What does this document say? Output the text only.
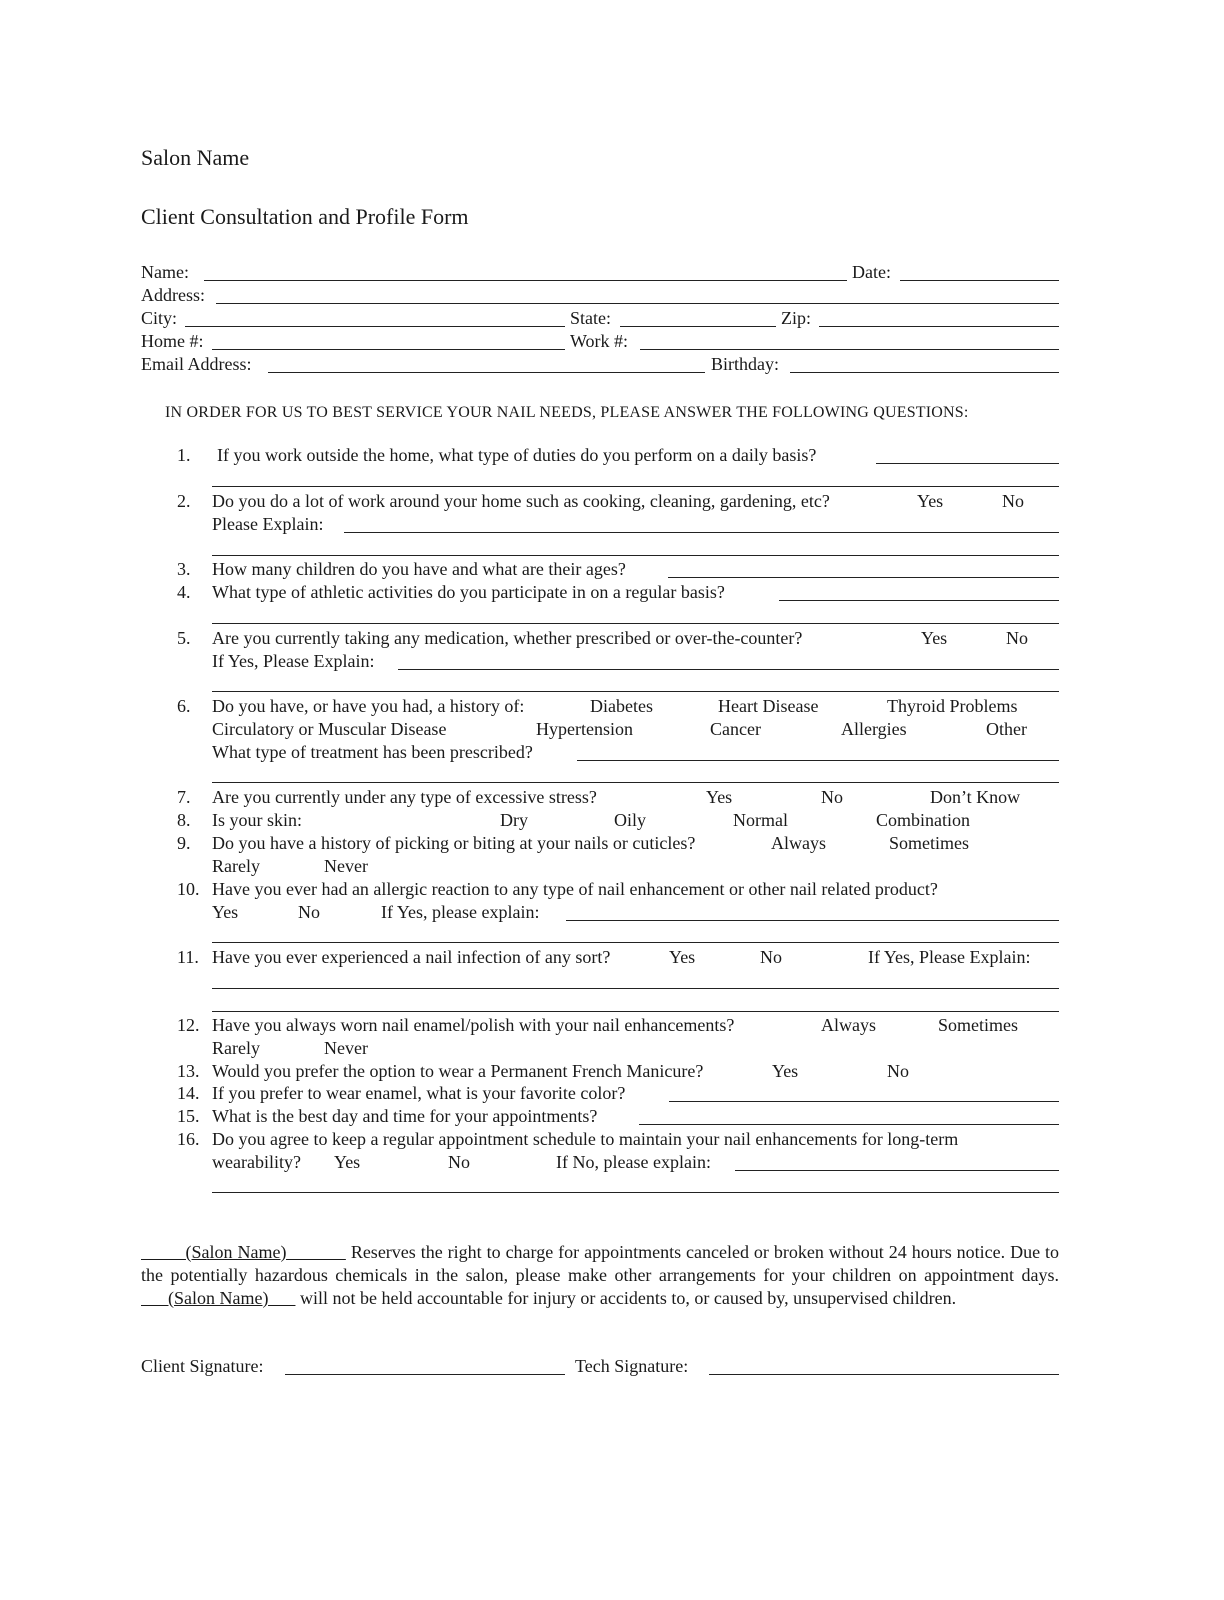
Salon Name
Client Consultation and Profile Form
Name:	Date:
Address:
City:	State:	Zip:
Home #:	Work #:
Email Address:	Birthday:
IN ORDER FOR US TO BEST SERVICE YOUR NAIL NEEDS, PLEASE ANSWER THE FOLLOWING QUESTIONS:
1. If you work outside the home, what type of duties do you perform on a daily basis?
2. Do you do a lot of work around your home such as cooking, cleaning, gardening, etc?	Yes	No
Please Explain:
3. How many children do you have and what are their ages?
4. What type of athletic activities do you participate in on a regular basis?
5. Are you currently taking any medication, whether prescribed or over-the-counter?	Yes	No
If Yes, Please Explain:
6. Do you have, or have you had, a history of:	Diabetes	Heart Disease	Thyroid Problems
Circulatory or Muscular Disease	Hypertension	Cancer	Allergies	Other
What type of treatment has been prescribed?
7. Are you currently under any type of excessive stress?	Yes	No	Don’t Know
8. Is your skin:	Dry	Oily	Normal	Combination
9. Do you have a history of picking or biting at your nails or cuticles?	Always	Sometimes
Rarely	Never
10. Have you ever had an allergic reaction to any type of nail enhancement or other nail related product?
Yes	No	If Yes, please explain:
11. Have you ever experienced a nail infection of any sort?	Yes	No	If Yes, Please Explain:
12. Have you always worn nail enamel/polish with your nail enhancements?	Always	Sometimes
Rarely	Never
13. Would you prefer the option to wear a Permanent French Manicure?	Yes	No
14. If you prefer to wear enamel, what is your favorite color?
15. What is the best day and time for your appointments?
16. Do you agree to keep a regular appointment schedule to maintain your nail enhancements for long-term
wearability? Yes	No	If No, please explain:
(Salon Name)	Reserves the right to charge for appointments canceled or broken without 24 hours notice. Due to the potentially hazardous chemicals in the salon, please make other arrangements for your children on appointment days.       (Salon Name) will not be held accountable for injury or accidents to, or caused by, unsupervised children.
Client Signature:	Tech Signature:
